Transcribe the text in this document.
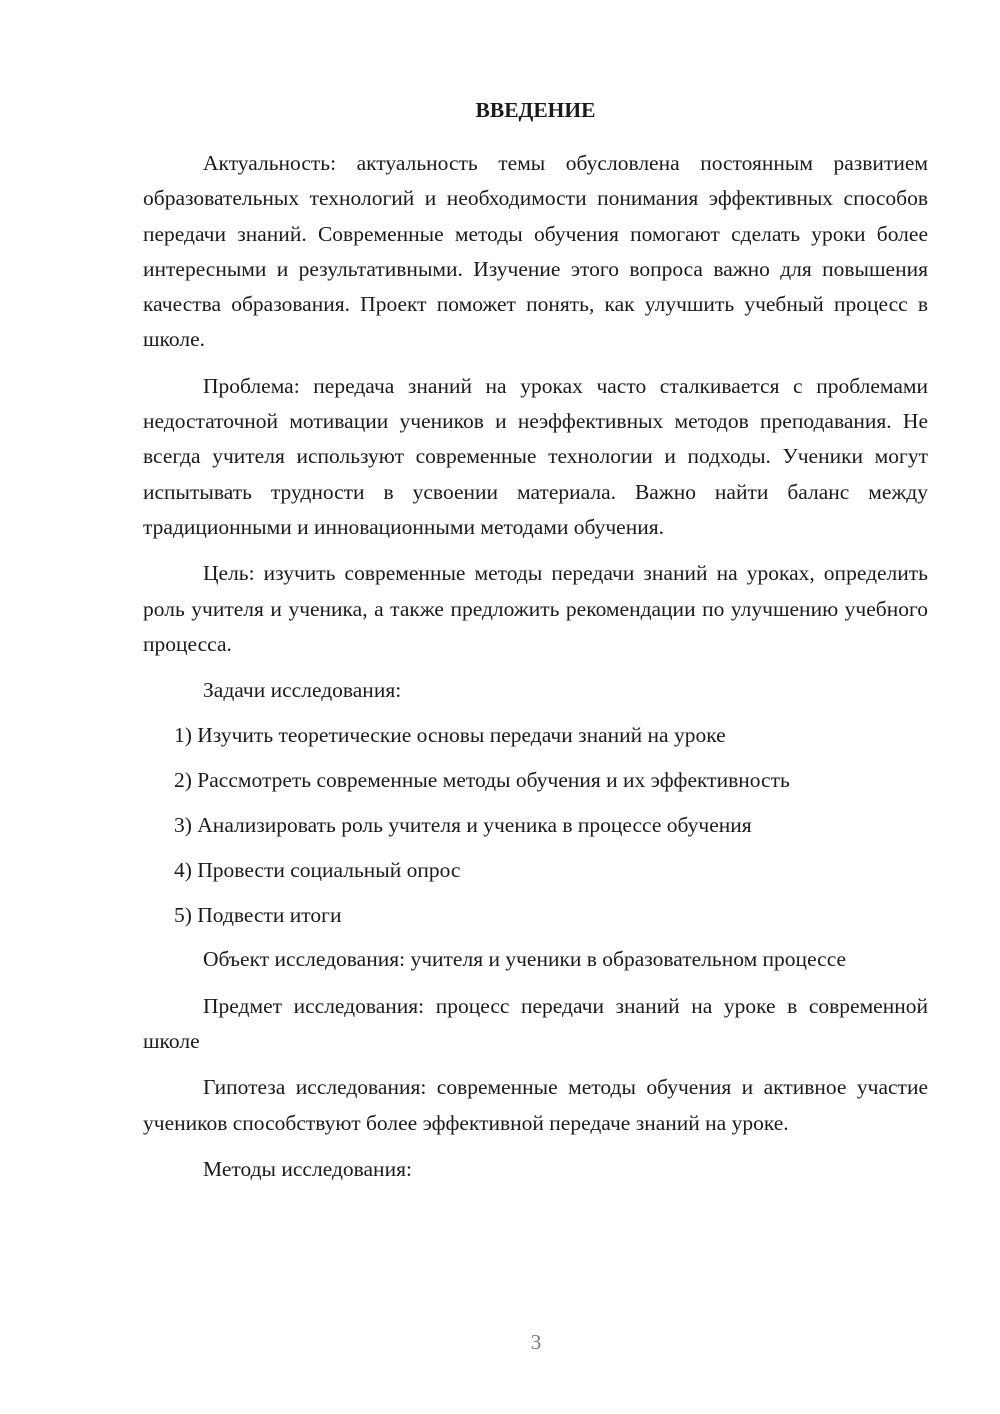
ВВЕДЕНИЕ

Актуальность: актуальность темы обусловлена постоянным развитием образовательных технологий и необходимости понимания эффективных способов передачи знаний. Современные методы обучения помогают сделать уроки более интересными и результативными. Изучение этого вопроса важно для повышения качества образования. Проект поможет понять, как улучшить учебный процесс в школе.

Проблема: передача знаний на уроках часто сталкивается с проблемами недостаточной мотивации учеников и неэффективных методов преподавания. Не всегда учителя используют современные технологии и подходы. Ученики могут испытывать трудности в усвоении материала. Важно найти баланс между традиционными и инновационными методами обучения.

Цель: изучить современные методы передачи знаний на уроках, определить роль учителя и ученика, а также предложить рекомендации по улучшению учебного процесса.

Задачи исследования:

1) Изучить теоретические основы передачи знаний на уроке
2) Рассмотреть современные методы обучения и их эффективность
3) Анализировать роль учителя и ученика в процессе обучения
4) Провести социальный опрос
5) Подвести итоги

Объект исследования: учителя и ученики в образовательном процессе

Предмет исследования: процесс передачи знаний на уроке в современной школе

Гипотеза исследования: современные методы обучения и активное участие учеников способствуют более эффективной передаче знаний на уроке.

Методы исследования:

3
